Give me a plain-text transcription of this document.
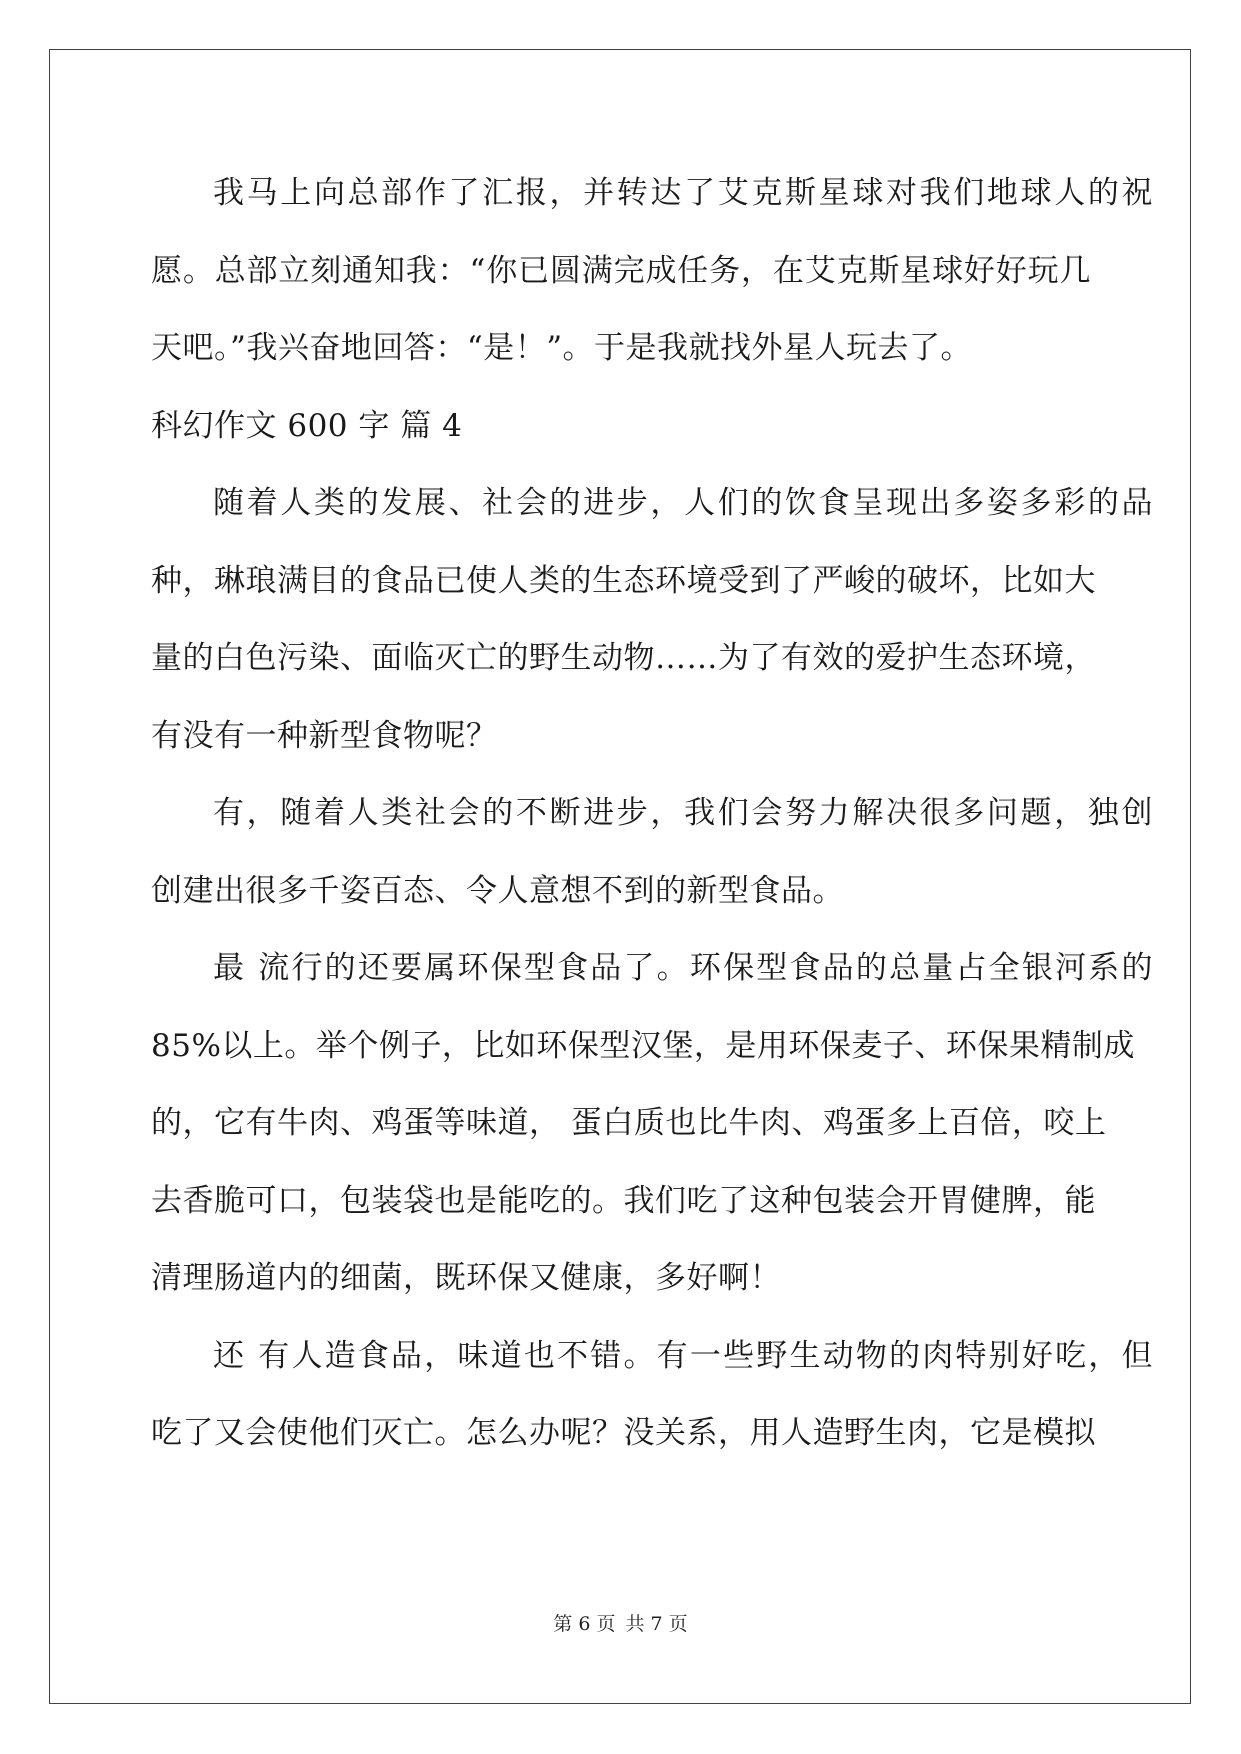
我马上向总部作了汇报，并转达了艾克斯星球对我们地球人的祝
愿。总部立刻通知我：“你已圆满完成任务，在艾克斯星球好好玩几
天吧。”我兴奋地回答：“是！”。于是我就找外星人玩去了。
科幻作文 600 字 篇 4
随着人类的发展、社会的进步，人们的饮食呈现出多姿多彩的品
种，琳琅满目的食品已使人类的生态环境受到了严峻的破坏，比如大
量的白色污染、面临灭亡的野生动物……为了有效的爱护生态环境，
有没有一种新型食物呢？
有，随着人类社会的不断进步，我们会努力解决很多问题，独创
创建出很多千姿百态、令人意想不到的新型食品。
最 流行的还要属环保型食品了。环保型食品的总量占全银河系的
85%以上。举个例子，比如环保型汉堡，是用环保麦子、环保果精制成
的，它有牛肉、鸡蛋等味道， 蛋白质也比牛肉、鸡蛋多上百倍，咬上
去香脆可口，包装袋也是能吃的。我们吃了这种包装会开胃健脾，能
清理肠道内的细菌，既环保又健康，多好啊！
还 有人造食品，味道也不错。有一些野生动物的肉特别好吃，但
吃了又会使他们灭亡。怎么办呢？没关系，用人造野生肉，它是模拟
第 6 页 共 7 页
